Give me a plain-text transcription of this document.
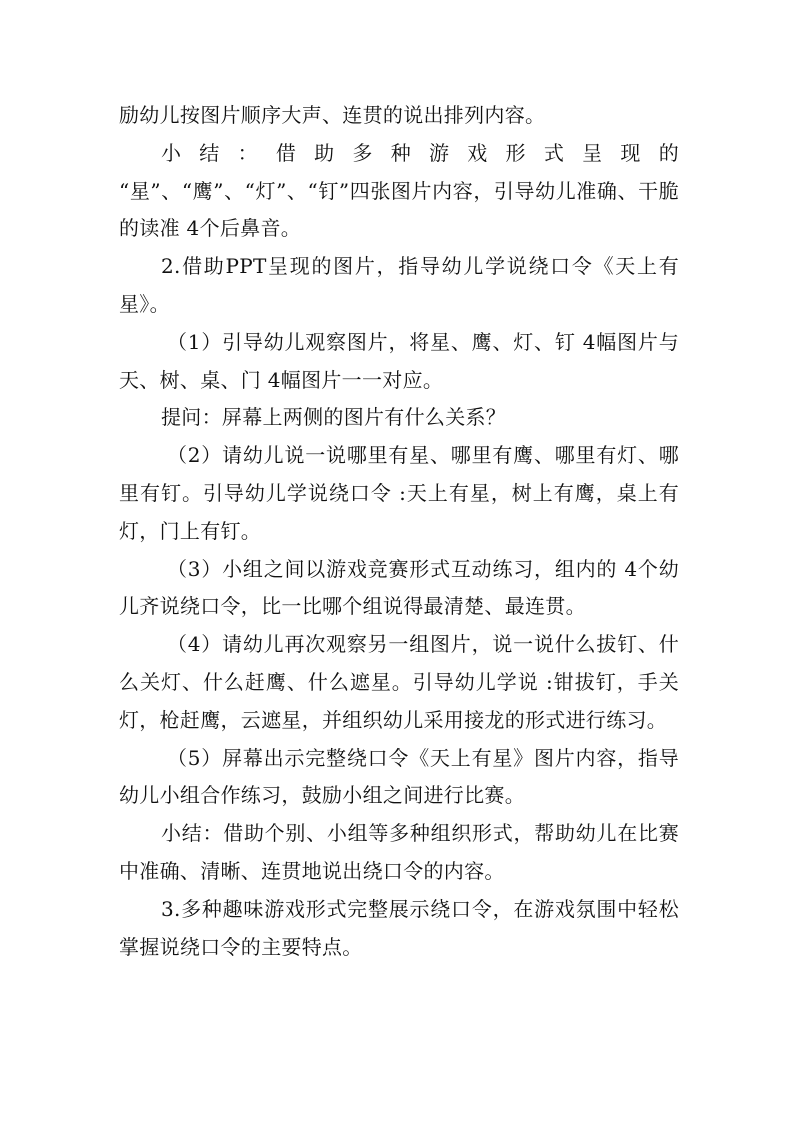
励幼儿按图片顺序大声、连贯的说出排列内容。

小结：借助多种游戏形式呈现的 “星”、“鹰”、“灯”、“钉”四张图片内容，引导幼儿准确、干脆的读准 4个后鼻音。

2.借助PPT呈现的图片，指导幼儿学说绕口令《天上有星》。

（1）引导幼儿观察图片，将星、鹰、灯、钉 4幅图片与天、树、桌、门 4幅图片一一对应。

提问：屏幕上两侧的图片有什么关系？

（2）请幼儿说一说哪里有星、哪里有鹰、哪里有灯、哪里有钉。引导幼儿学说绕口令 :天上有星，树上有鹰，桌上有灯，门上有钉。

（3）小组之间以游戏竞赛形式互动练习，组内的 4个幼儿齐说绕口令，比一比哪个组说得最清楚、最连贯。

（4）请幼儿再次观察另一组图片，说一说什么拔钉、什么关灯、什么赶鹰、什么遮星。引导幼儿学说 :钳拔钉，手关灯，枪赶鹰，云遮星，并组织幼儿采用接龙的形式进行练习。

（5）屏幕出示完整绕口令《天上有星》图片内容，指导幼儿小组合作练习，鼓励小组之间进行比赛。

小结：借助个别、小组等多种组织形式，帮助幼儿在比赛中准确、清晰、连贯地说出绕口令的内容。

3.多种趣味游戏形式完整展示绕口令，在游戏氛围中轻松掌握说绕口令的主要特点。
